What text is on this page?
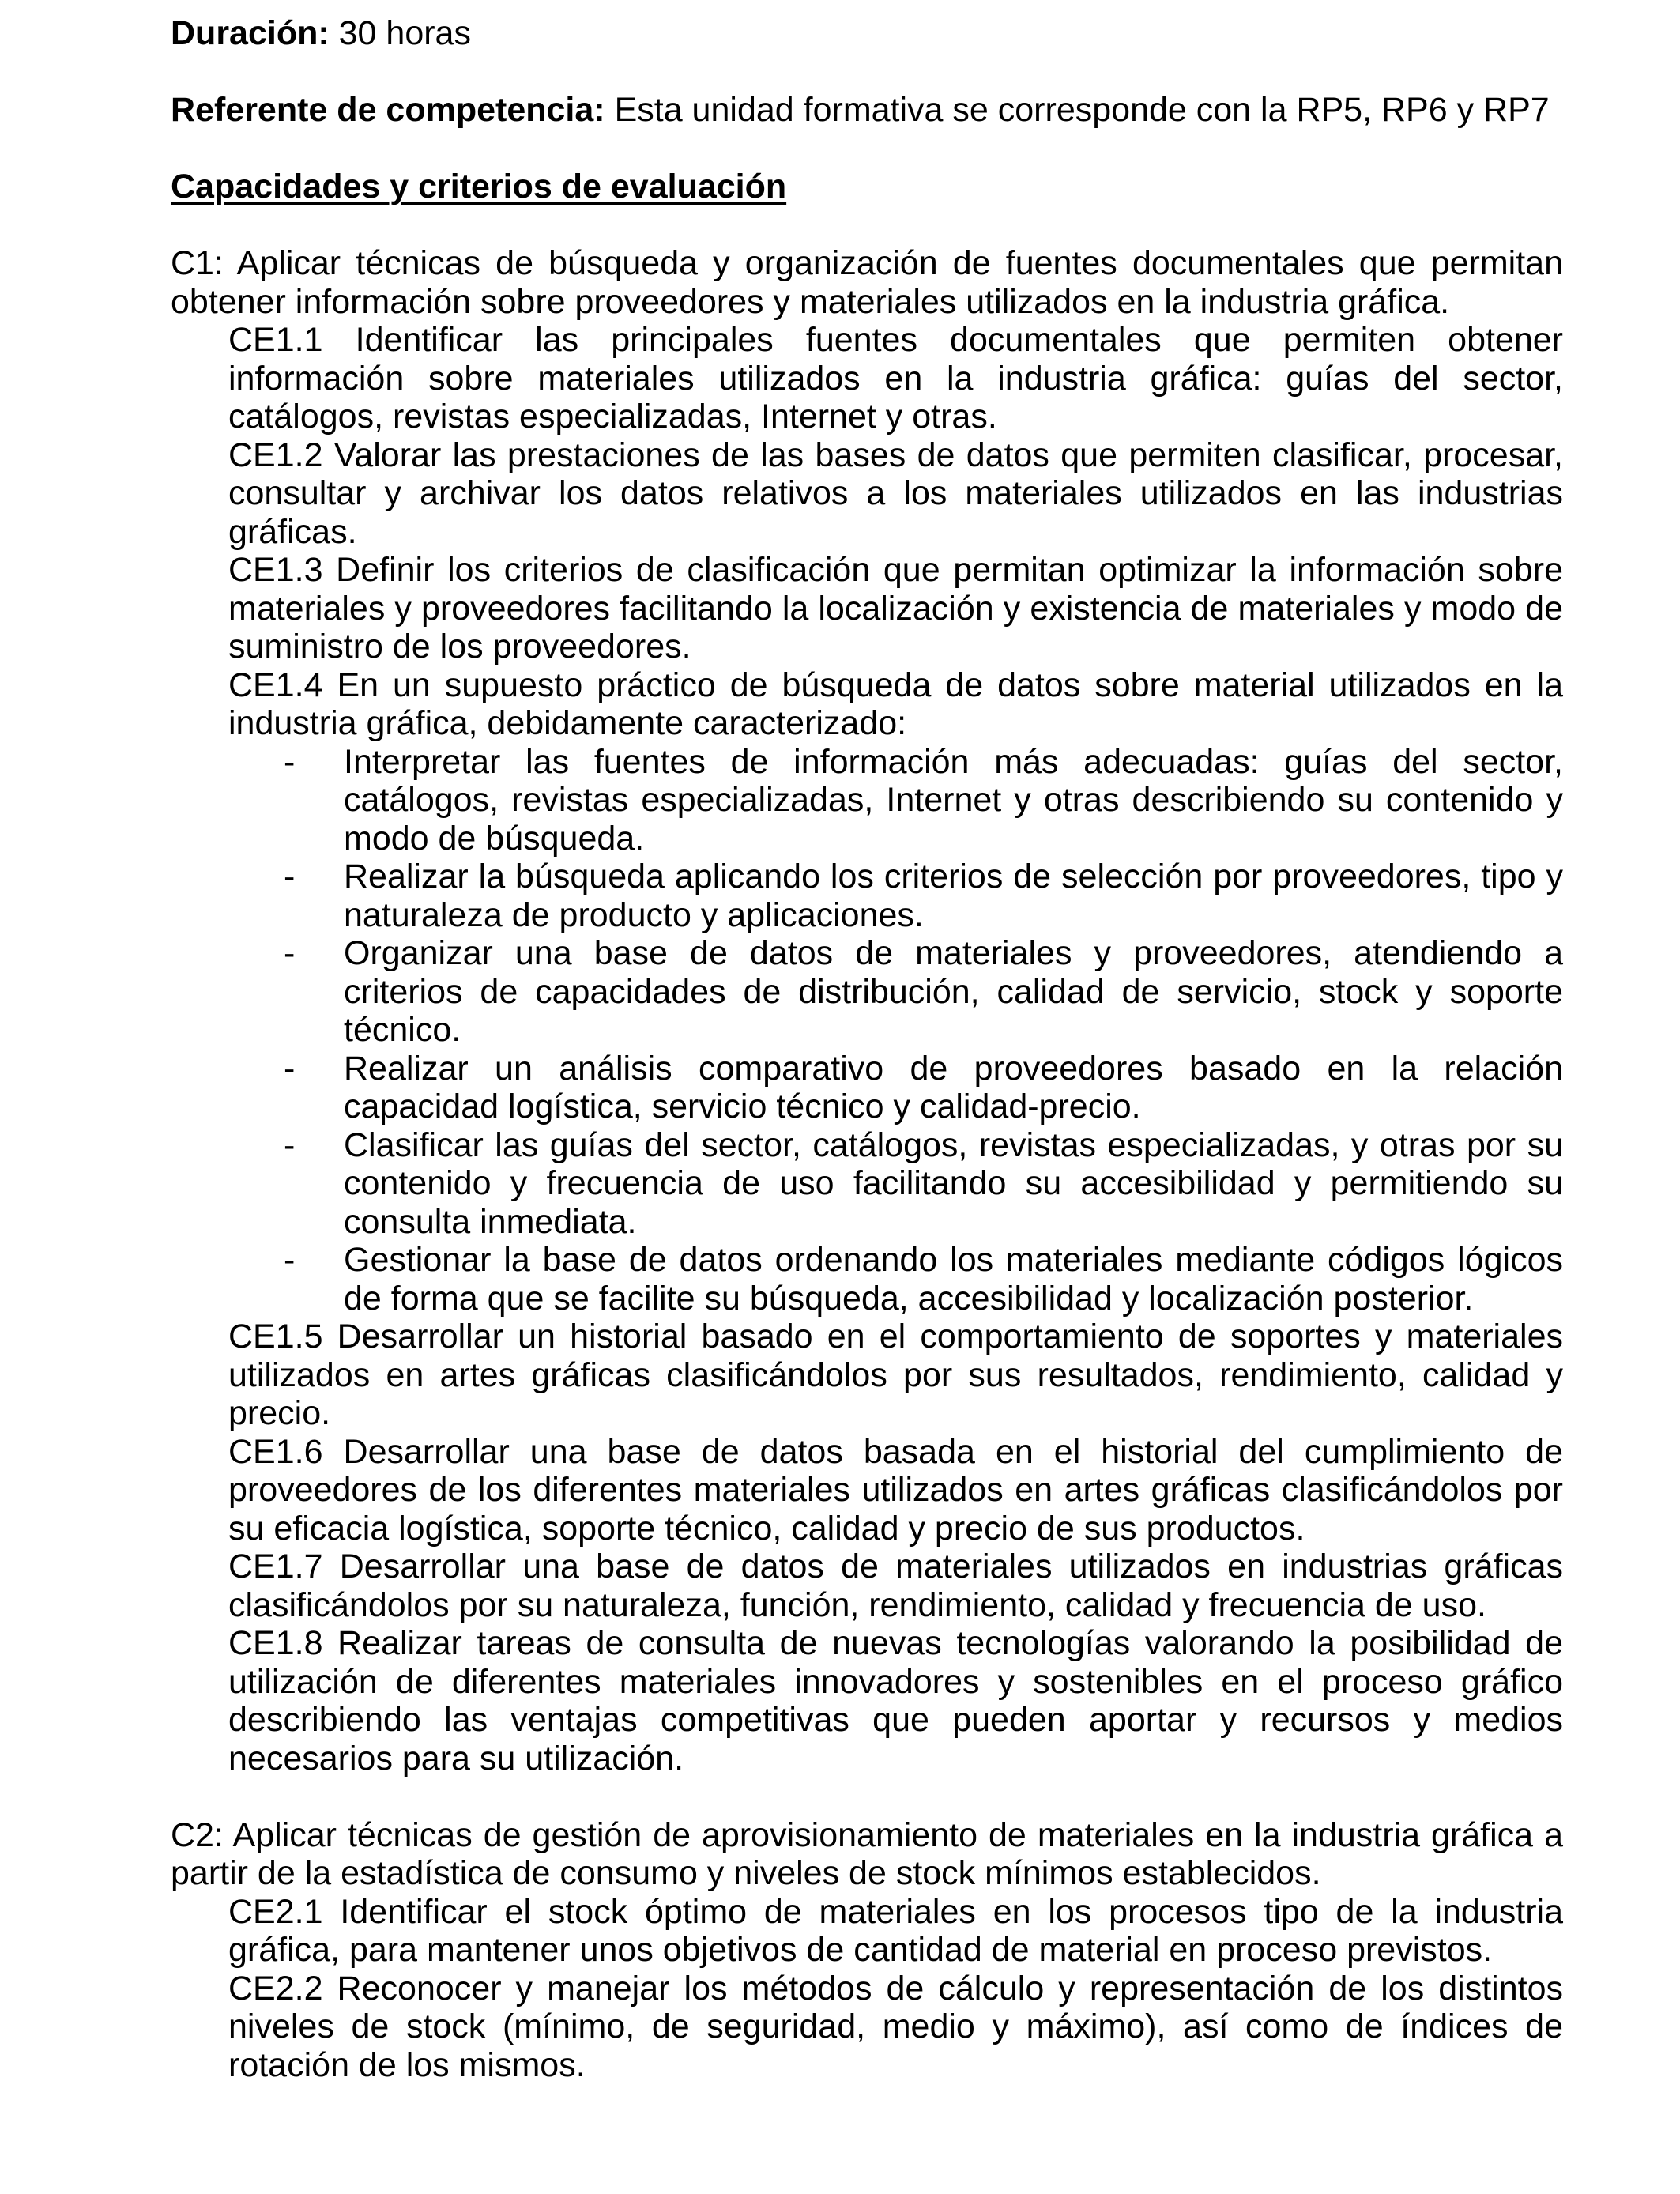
Duración: 30 horas

Referente de competencia: Esta unidad formativa se corresponde con la RP5, RP6 y RP7

Capacidades y criterios de evaluación

C1: Aplicar técnicas de búsqueda y organización de fuentes documentales que permitan obtener información sobre proveedores y materiales utilizados en la industria gráfica.

CE1.1 Identificar las principales fuentes documentales que permiten obtener información sobre materiales utilizados en la industria gráfica: guías del sector, catálogos, revistas especializadas, Internet y otras.

CE1.2 Valorar las prestaciones de las bases de datos que permiten clasificar, procesar, consultar y archivar los datos relativos a los materiales utilizados en las industrias gráficas.

CE1.3 Definir los criterios de clasificación que permitan optimizar la información sobre materiales y proveedores facilitando la localización y existencia de materiales y modo de suministro de los proveedores.

CE1.4 En un supuesto práctico de búsqueda de datos sobre material utilizados en la industria gráfica, debidamente caracterizado:

- Interpretar las fuentes de información más adecuadas: guías del sector, catálogos, revistas especializadas, Internet y otras describiendo su contenido y modo de búsqueda.
- Realizar la búsqueda aplicando los criterios de selección por proveedores, tipo y naturaleza de producto y aplicaciones.
- Organizar una base de datos de materiales y proveedores, atendiendo a criterios de capacidades de distribución, calidad de servicio, stock y soporte técnico.
- Realizar un análisis comparativo de proveedores basado en la relación capacidad logística, servicio técnico y calidad-precio.
- Clasificar las guías del sector, catálogos, revistas especializadas, y otras por su contenido y frecuencia de uso facilitando su accesibilidad y permitiendo su consulta inmediata.
- Gestionar la base de datos ordenando los materiales mediante códigos lógicos de forma que se facilite su búsqueda, accesibilidad y localización posterior.

CE1.5 Desarrollar un historial basado en el comportamiento de soportes y materiales utilizados en artes gráficas clasificándolos por sus resultados, rendimiento, calidad y precio.

CE1.6 Desarrollar una base de datos basada en el historial del cumplimiento de proveedores de los diferentes materiales utilizados en artes gráficas clasificándolos por su eficacia logística, soporte técnico, calidad y precio de sus productos.

CE1.7 Desarrollar una base de datos de materiales utilizados en industrias gráficas clasificándolos por su naturaleza, función, rendimiento, calidad y frecuencia de uso.

CE1.8 Realizar tareas de consulta de nuevas tecnologías valorando la posibilidad de utilización de diferentes materiales innovadores y sostenibles en el proceso gráfico describiendo las ventajas competitivas que pueden aportar y recursos y medios necesarios para su utilización.

C2: Aplicar técnicas de gestión de aprovisionamiento de materiales en la industria gráfica a partir de la estadística de consumo y niveles de stock mínimos establecidos.

CE2.1 Identificar el stock óptimo de materiales en los procesos tipo de la industria gráfica, para mantener unos objetivos de cantidad de material en proceso previstos.

CE2.2 Reconocer y manejar los métodos de cálculo y representación de los distintos niveles de stock (mínimo, de seguridad, medio y máximo), así como de índices de rotación de los mismos.
